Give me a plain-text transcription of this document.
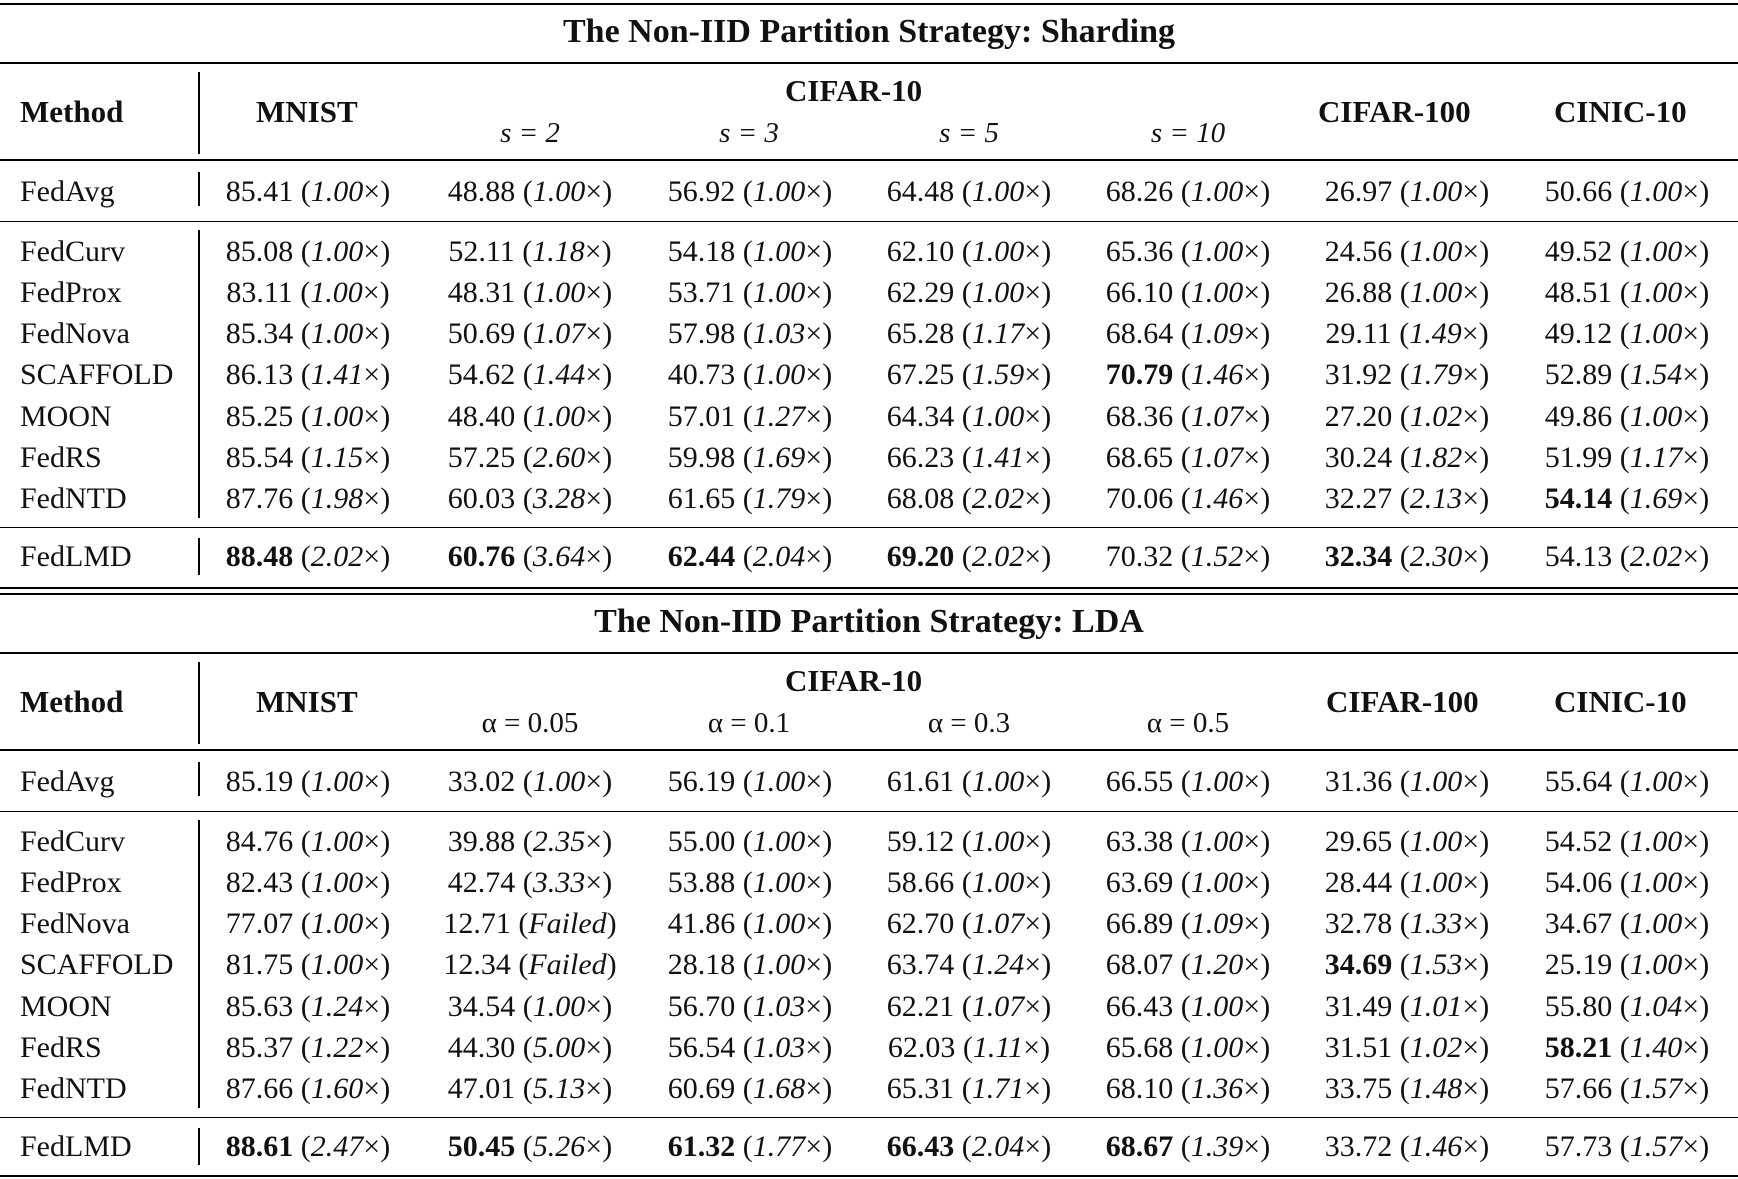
The Non-IID Partition Strategy: Sharding
Method	MNIST
CIFAR-10
s = 2	s = 3	s = 5	s = 10
CIFAR-100	CINIC-10
FedAvg	85.41 (1.00×)	48.88 (1.00×)	56.92 (1.00×)	64.48 (1.00×)	68.26 (1.00×)	26.97 (1.00×)	50.66 (1.00×)
FedCurv	85.08 (1.00×)	52.11 (1.18×)	54.18 (1.00×)	62.10 (1.00×)	65.36 (1.00×)	24.56 (1.00×)	49.52 (1.00×)
FedProx	83.11 (1.00×)	48.31 (1.00×)	53.71 (1.00×)	62.29 (1.00×)	66.10 (1.00×)	26.88 (1.00×)	48.51 (1.00×)
FedNova	85.34 (1.00×)	50.69 (1.07×)	57.98 (1.03×)	65.28 (1.17×)	68.64 (1.09×)	29.11 (1.49×)	49.12 (1.00×)
SCAFFOLD	86.13 (1.41×)	54.62 (1.44×)	40.73 (1.00×)	67.25 (1.59×)	70.79 (1.46×)	31.92 (1.79×)	52.89 (1.54×)
MOON	85.25 (1.00×)	48.40 (1.00×)	57.01 (1.27×)	64.34 (1.00×)	68.36 (1.07×)	27.20 (1.02×)	49.86 (1.00×)
FedRS	85.54 (1.15×)	57.25 (2.60×)	59.98 (1.69×)	66.23 (1.41×)	68.65 (1.07×)	30.24 (1.82×)	51.99 (1.17×)
FedNTD	87.76 (1.98×)	60.03 (3.28×)	61.65 (1.79×)	68.08 (2.02×)	70.06 (1.46×)	32.27 (2.13×)	54.14 (1.69×)
FedLMD	88.48 (2.02×)	60.76 (3.64×)	62.44 (2.04×)	69.20 (2.02×)	70.32 (1.52×)	32.34 (2.30×)	54.13 (2.02×)
The Non-IID Partition Strategy: LDA
Method	MNIST
CIFAR-10
α = 0.05	α = 0.1	α = 0.3	α = 0.5
CIFAR-100 CINIC-10
FedAvg	85.19 (1.00×)	33.02 (1.00×)	56.19 (1.00×)	61.61 (1.00×)	66.55 (1.00×)	31.36 (1.00×)	55.64 (1.00×)
FedCurv	84.76 (1.00×)	39.88 (2.35×)	55.00 (1.00×)	59.12 (1.00×)	63.38 (1.00×)	29.65 (1.00×)	54.52 (1.00×)
FedProx	82.43 (1.00×)	42.74 (3.33×)	53.88 (1.00×)	58.66 (1.00×)	63.69 (1.00×)	28.44 (1.00×)	54.06 (1.00×)
FedNova	77.07 (1.00×)	12.71 (Failed)	41.86 (1.00×)	62.70 (1.07×)	66.89 (1.09×)	32.78 (1.33×)	34.67 (1.00×)
SCAFFOLD	81.75 (1.00×)	12.34 (Failed)	28.18 (1.00×)	63.74 (1.24×)	68.07 (1.20×)	34.69 (1.53×)	25.19 (1.00×)
MOON	85.63 (1.24×)	34.54 (1.00×)	56.70 (1.03×)	62.21 (1.07×)	66.43 (1.00×)	31.49 (1.01×)	55.80 (1.04×)
FedRS	85.37 (1.22×)	44.30 (5.00×)	56.54 (1.03×)	62.03 (1.11×)	65.68 (1.00×)	31.51 (1.02×)	58.21 (1.40×)
FedNTD	87.66 (1.60×)	47.01 (5.13×)	60.69 (1.68×)	65.31 (1.71×)	68.10 (1.36×)	33.75 (1.48×)	57.66 (1.57×)
FedLMD	88.61 (2.47×)	50.45 (5.26×)	61.32 (1.77×)	66.43 (2.04×)	68.67 (1.39×)	33.72 (1.46×)	57.73 (1.57×)
